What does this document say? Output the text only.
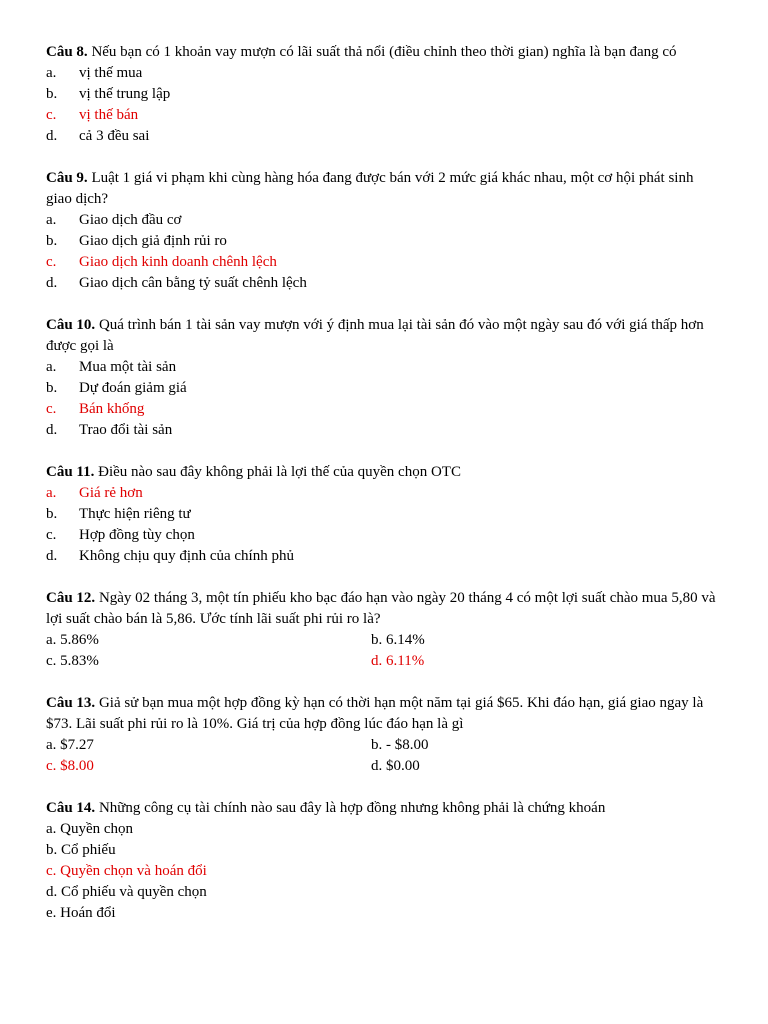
Câu 8. Nếu bạn có 1 khoản vay mượn có lãi suất thả nổi (điều chỉnh theo thời gian) nghĩa là bạn đang có
a. vị thế mua
b. vị thế trung lập
c. vị thế bán
d. cả 3 đều sai
Câu 9. Luật 1 giá vi phạm khi cùng hàng hóa đang được bán với 2 mức giá khác nhau, một cơ hội phát sinh giao dịch?
a. Giao dịch đầu cơ
b. Giao dịch giả định rủi ro
c. Giao dịch kinh doanh chênh lệch
d. Giao dịch cân bằng tỷ suất chênh lệch
Câu 10. Quá trình bán 1 tài sản vay mượn với ý định mua lại tài sản đó vào một ngày sau đó với giá thấp hơn được gọi là
a. Mua một tài sản
b. Dự đoán giảm giá
c. Bán khống
d. Trao đổi tài sản
Câu 11. Điều nào sau đây không phải là lợi thế của quyền chọn OTC
a. Giá rẻ hơn
b. Thực hiện riêng tư
c. Hợp đồng tùy chọn
d. Không chịu quy định của chính phủ
Câu 12. Ngày 02 tháng 3, một tín phiếu kho bạc đáo hạn vào ngày 20 tháng 4 có một lợi suất chào mua 5,80 và lợi suất chào bán là 5,86. Ước tính lãi suất phi rủi ro là?
a. 5.86%	b. 6.14%
c. 5.83%	d. 6.11%
Câu 13. Giả sử bạn mua một hợp đồng kỳ hạn có thời hạn một năm tại giá $65. Khi đáo hạn, giá giao ngay là $73. Lãi suất phi rủi ro là 10%. Giá trị của hợp đồng lúc đáo hạn là gì
a. $7.27	b. - $8.00
c. $8.00	d. $0.00
Câu 14. Những công cụ tài chính nào sau đây là hợp đồng nhưng không phải là chứng khoán
a. Quyền chọn
b. Cổ phiếu
c. Quyền chọn và hoán đổi
d. Cổ phiếu và quyền chọn
e. Hoán đổi
